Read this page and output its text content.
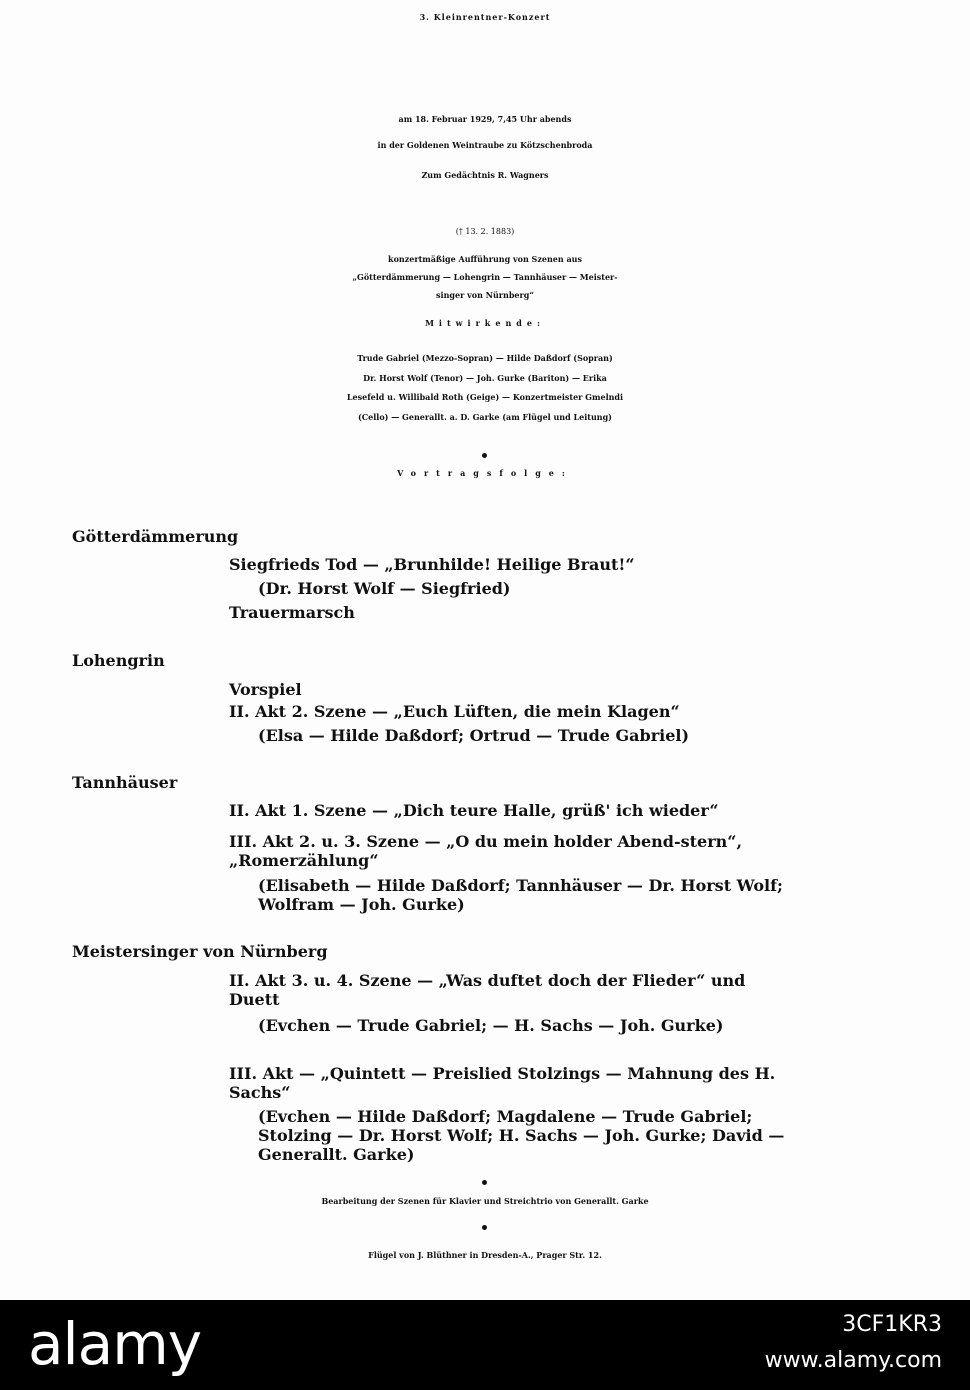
3. Kleinrentner-Konzert
am 18. Februar 1929, 7,45 Uhr abends
in der Goldenen Weintraube zu Kötzschenbroda
Zum Gedächtnis R. Wagners
(† 13. 2. 1883)
konzertmäßige Aufführung von Szenen aus
„Götterdämmerung — Lohengrin — Tannhäuser — Meister-
singer von Nürnberg“
Mitwirkende:
Trude Gabriel (Mezzo-Sopran) — Hilde Daßdorf (Sopran)
Dr. Horst Wolf (Tenor) — Joh. Gurke (Bariton) — Erika
Lesefeld u. Willibald Roth (Geige) — Konzertmeister Gmelndi
(Cello) — Generallt. a. D. Garke (am Flügel und Leitung)
Vortragsfolge:
Götterdämmerung
Siegfrieds Tod — „Brunhilde! Heilige Braut!“
(Dr. Horst Wolf — Siegfried)
Trauermarsch
Lohengrin
Vorspiel
II. Akt 2. Szene — „Euch Lüften, die mein Klagen“
(Elsa — Hilde Daßdorf; Ortrud — Trude Gabriel)
Tannhäuser
II. Akt 1. Szene — „Dich teure Halle, grüß' ich wieder“
III. Akt 2. u. 3. Szene — „O du mein holder Abend-stern“, „Romerzählung“
(Elisabeth — Hilde Daßdorf; Tannhäuser — Dr. Horst Wolf; Wolfram — Joh. Gurke)
Meistersinger von Nürnberg
II. Akt 3. u. 4. Szene — „Was duftet doch der Flieder“ und Duett
(Evchen — Trude Gabriel; — H. Sachs — Joh. Gurke)
III. Akt — „Quintett — Preislied Stolzings — Mahnung des H. Sachs“
(Evchen — Hilde Daßdorf; Magdalene — Trude Gabriel; Stolzing — Dr. Horst Wolf; H. Sachs — Joh. Gurke; David — Generallt. Garke)
Bearbeitung der Szenen für Klavier und Streichtrio von Generallt. Garke
Flügel von J. Blüthner in Dresden-A., Prager Str. 12.
alamy	3CF1KR3
www.alamy.com
